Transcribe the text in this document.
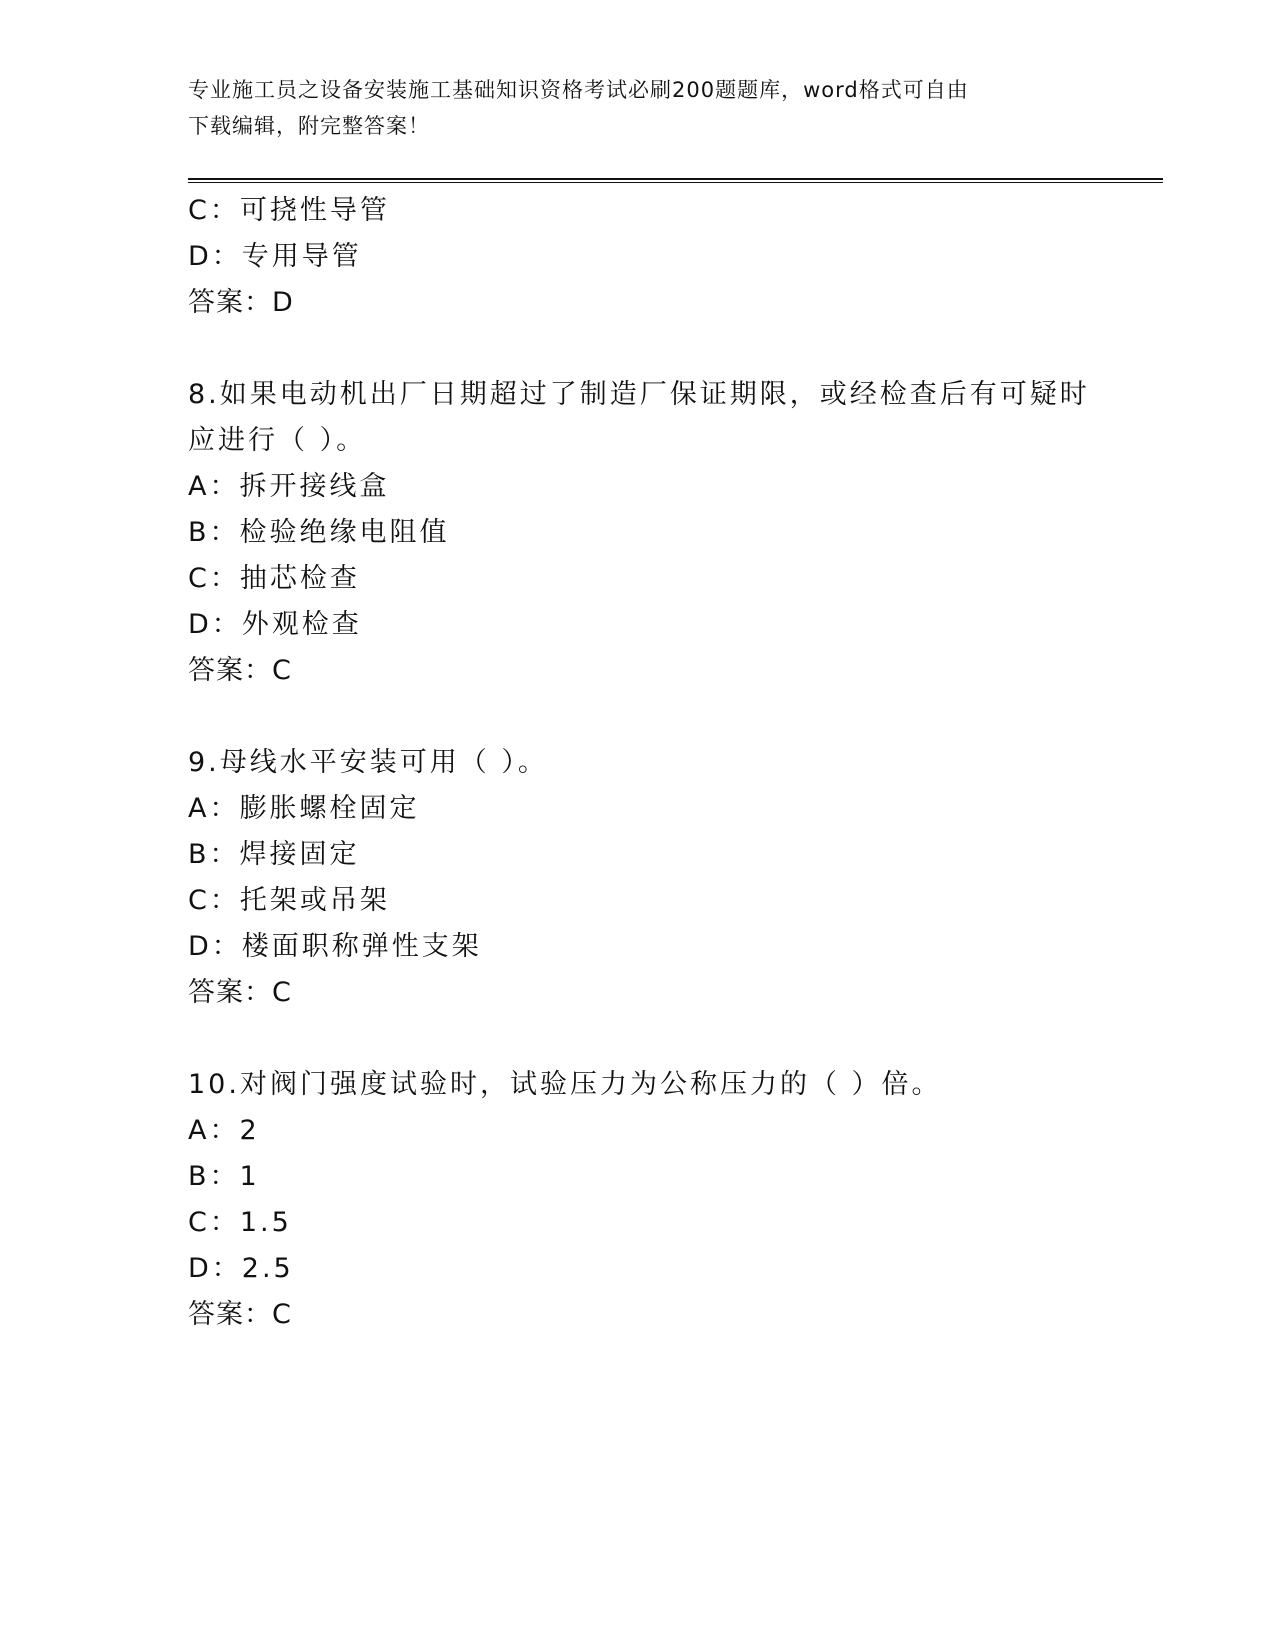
专业施工员之设备安装施工基础知识资格考试必刷200题题库，word格式可自由
下载编辑，附完整答案！
C：可挠性导管
D：专用导管
答案：D
8.如果电动机出厂日期超过了制造厂保证期限，或经检查后有可疑时
应进行（ ）。
A：拆开接线盒
B：检验绝缘电阻值
C：抽芯检查
D：外观检查
答案：C
9.母线水平安装可用（ ）。
A：膨胀螺栓固定
B：焊接固定
C：托架或吊架
D：楼面职称弹性支架
答案：C
10.对阀门强度试验时，试验压力为公称压力的（ ）倍。
A：2
B：1
C：1.5
D：2.5
答案：C
